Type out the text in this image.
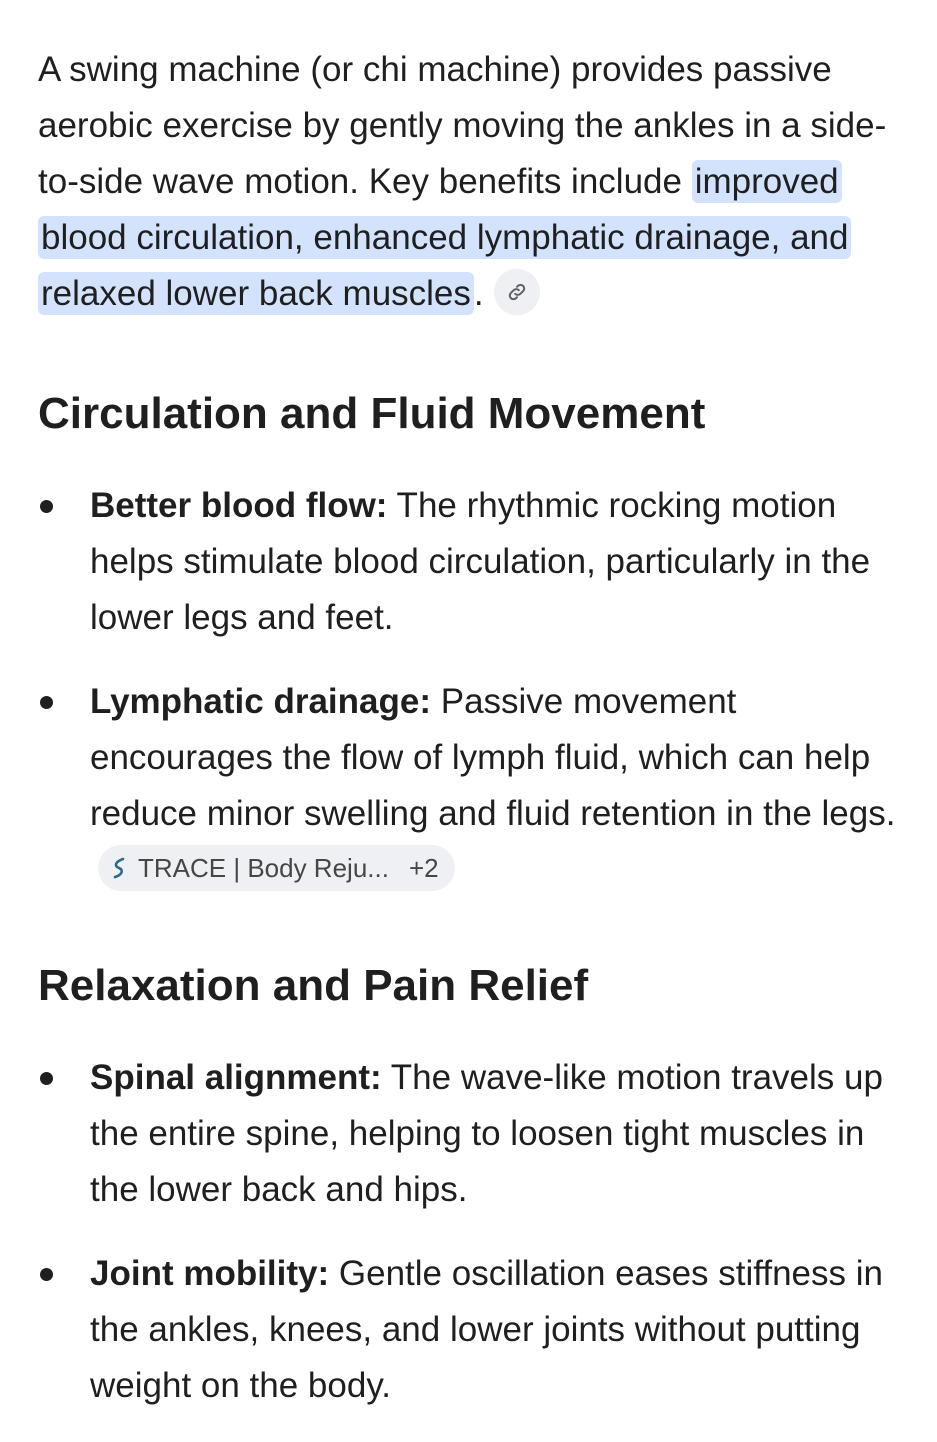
A swing machine (or chi machine) provides passive aerobic exercise by gently moving the ankles in a side-to-side wave motion. Key benefits include improved blood circulation, enhanced lymphatic drainage, and relaxed lower back muscles.

Circulation and Fluid Movement
Better blood flow: The rhythmic rocking motion helps stimulate blood circulation, particularly in the lower legs and feet.
Lymphatic drainage: Passive movement encourages the flow of lymph fluid, which can help reduce minor swelling and fluid retention in the legs.
TRACE | Body Reju... +2
Relaxation and Pain Relief
Spinal alignment: The wave-like motion travels up the entire spine, helping to loosen tight muscles in the lower back and hips.
Joint mobility: Gentle oscillation eases stiffness in the ankles, knees, and lower joints without putting weight on the body.
